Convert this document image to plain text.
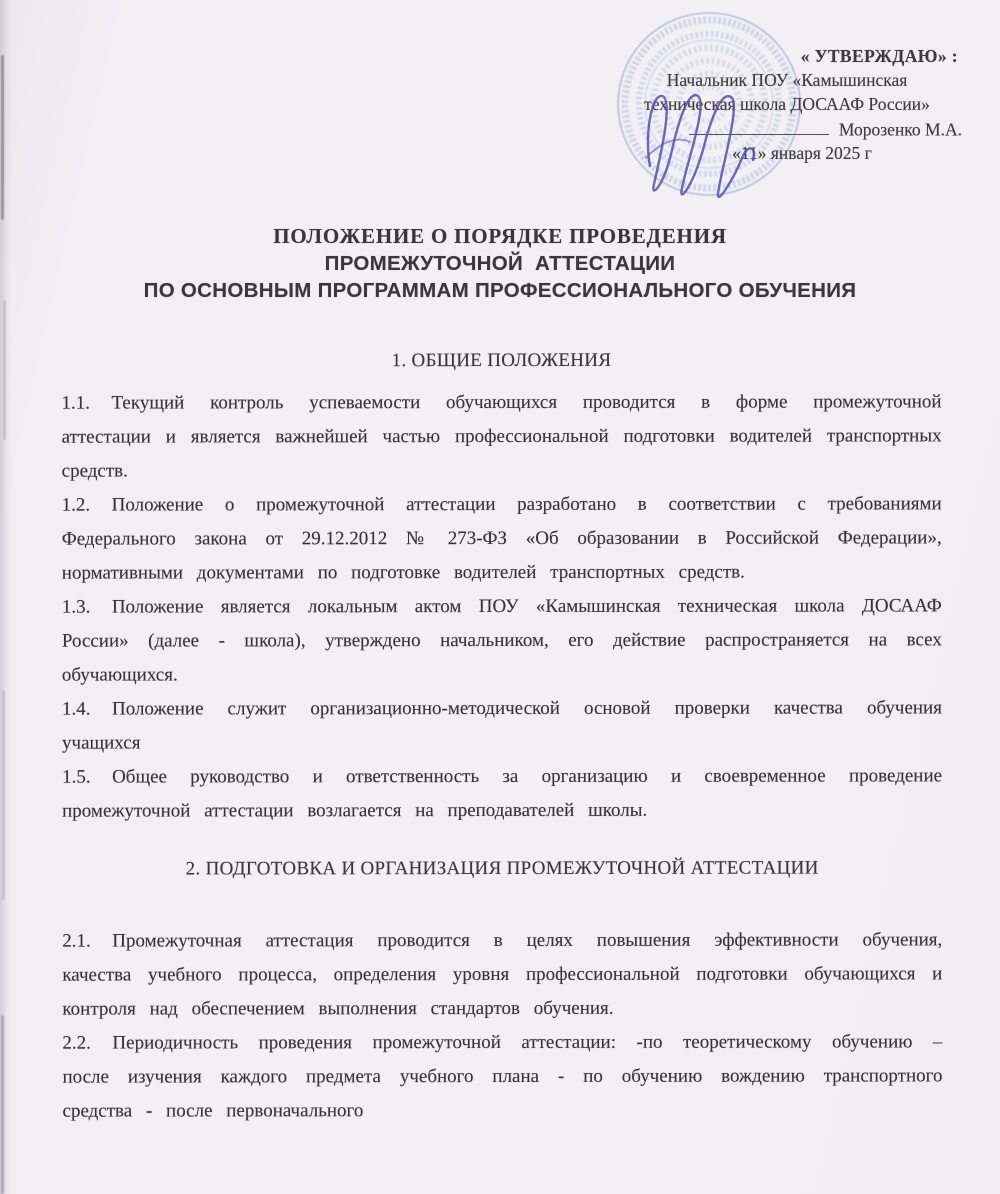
« УТВЕРЖДАЮ» :
Начальник ПОУ «Камышинская
техническая школа ДОСААФ России»
Морозенко М.А.
«11» января 2025 г
ПОЛОЖЕНИЕ О ПОРЯДКЕ ПРОВЕДЕНИЯ
ПРОМЕЖУТОЧНОЙ  АТТЕСТАЦИИ
ПО ОСНОВНЫМ ПРОГРАММАМ ПРОФЕССИОНАЛЬНОГО ОБУЧЕНИЯ
1. ОБЩИЕ ПОЛОЖЕНИЯ

1.1. Текущий контроль успеваемости обучающихся проводится в форме промежуточной аттестации и является важнейшей частью профессиональной подготовки водителей транспортных средств.

1.2. Положение о промежуточной аттестации разработано в соответствии с требованиями Федерального закона от 29.12.2012 № 273-ФЗ «Об образовании в Российской Федерации», нормативными документами по подготовке водителей транспортных средств.

1.3. Положение является локальным актом ПОУ «Камышинская техническая школа ДОСААФ России» (далее - школа), утверждено начальником, его действие распространяется на всех обучающихся.

1.4. Положение служит организационно-методической основой проверки качества обучения учащихся

1.5. Общее руководство и ответственность за организацию и своевременное проведение промежуточной аттестации возлагается на преподавателей школы.

2. ПОДГОТОВКА И ОРГАНИЗАЦИЯ ПРОМЕЖУТОЧНОЙ АТТЕСТАЦИИ

2.1. Промежуточная аттестация проводится в целях повышения эффективности обучения, качества учебного процесса, определения уровня профессиональной подготовки обучающихся и контроля над обеспечением выполнения стандартов обучения.

2.2. Периодичность проведения промежуточной аттестации: -по теоретическому обучению – после изучения каждого предмета учебного плана - по обучению вождению транспортного средства - после первоначального
